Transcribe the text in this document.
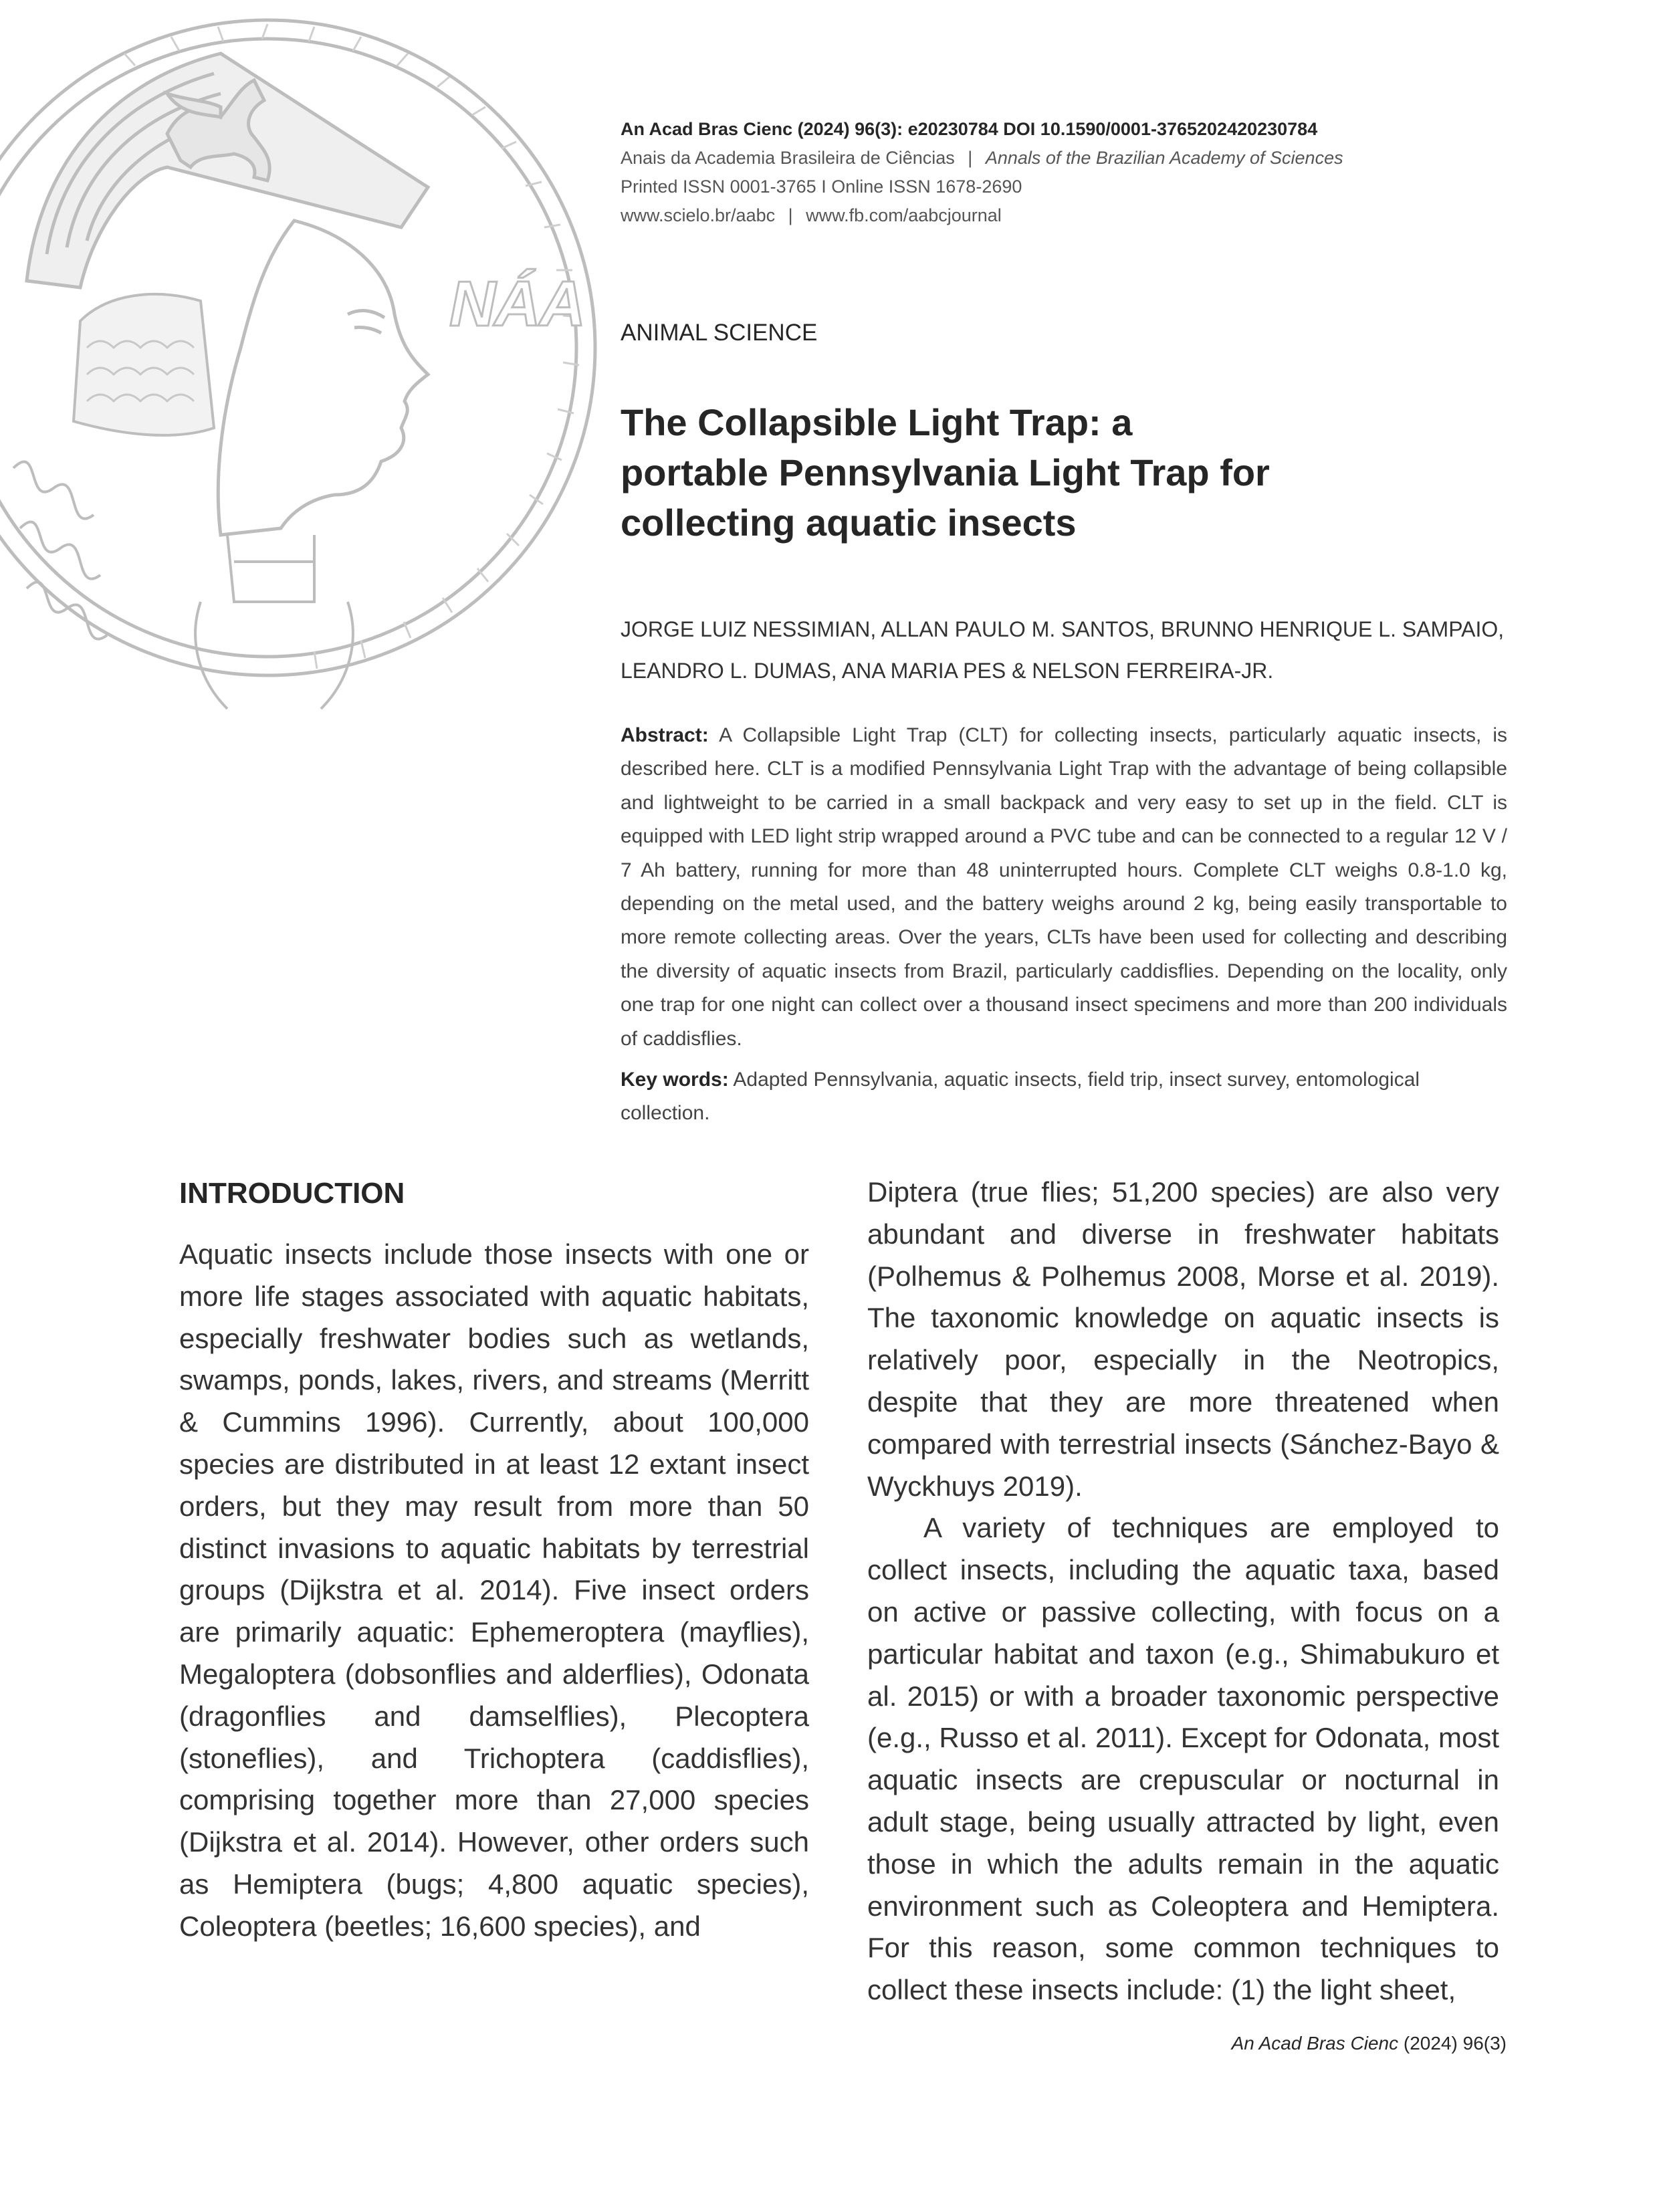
NÁA
An Acad Bras Cienc (2024) 96(3): e20230784 DOI 10.1590/0001-3765202420230784
Anais da Academia Brasileira de Ciências | Annals of the Brazilian Academy of Sciences
Printed ISSN 0001-3765 I Online ISSN 1678-2690
www.scielo.br/aabc | www.fb.com/aabcjournal
ANIMAL SCIENCE
The Collapsible Light Trap: a portable Pennsylvania Light Trap for collecting aquatic insects
JORGE LUIZ NESSIMIAN, ALLAN PAULO M. SANTOS, BRUNNO HENRIQUE L. SAMPAIO, LEANDRO L. DUMAS, ANA MARIA PES & NELSON FERREIRA-JR.
Abstract: A Collapsible Light Trap (CLT) for collecting insects, particularly aquatic insects, is described here. CLT is a modified Pennsylvania Light Trap with the advantage of being collapsible and lightweight to be carried in a small backpack and very easy to set up in the field. CLT is equipped with LED light strip wrapped around a PVC tube and can be connected to a regular 12 V / 7 Ah battery, running for more than 48 uninterrupted hours. Complete CLT weighs 0.8-1.0 kg, depending on the metal used, and the battery weighs around 2 kg, being easily transportable to more remote collecting areas. Over the years, CLTs have been used for collecting and describing the diversity of aquatic insects from Brazil, particularly caddisflies. Depending on the locality, only one trap for one night can collect over a thousand insect specimens and more than 200 individuals of caddisflies.
Key words: Adapted Pennsylvania, aquatic insects, field trip, insect survey, entomological collection.
INTRODUCTION

Aquatic insects include those insects with one or more life stages associated with aquatic habitats, especially freshwater bodies such as wetlands, swamps, ponds, lakes, rivers, and streams (Merritt & Cummins 1996). Currently, about 100,000 species are distributed in at least 12 extant insect orders, but they may result from more than 50 distinct invasions to aquatic habitats by terrestrial groups (Dijkstra et al. 2014). Five insect orders are primarily aquatic: Ephemeroptera (mayflies), Megaloptera (dobsonflies and alderflies), Odonata (dragonflies and damselflies), Plecoptera (stoneflies), and Trichoptera (caddisflies), comprising together more than 27,000 species (Dijkstra et al. 2014). However, other orders such as Hemiptera (bugs; 4,800 aquatic species), Coleoptera (beetles; 16,600 species), and

Diptera (true flies; 51,200 species) are also very abundant and diverse in freshwater habitats (Polhemus & Polhemus 2008, Morse et al. 2019). The taxonomic knowledge on aquatic insects is relatively poor, especially in the Neotropics, despite that they are more threatened when compared with terrestrial insects (Sánchez-Bayo & Wyckhuys 2019).

A variety of techniques are employed to collect insects, including the aquatic taxa, based on active or passive collecting, with focus on a particular habitat and taxon (e.g., Shimabukuro et al. 2015) or with a broader taxonomic perspective (e.g., Russo et al. 2011). Except for Odonata, most aquatic insects are crepuscular or nocturnal in adult stage, being usually attracted by light, even those in which the adults remain in the aquatic environment such as Coleoptera and Hemiptera. For this reason, some common techniques to collect these insects include: (1) the light sheet,

An Acad Bras Cienc (2024) 96(3)
